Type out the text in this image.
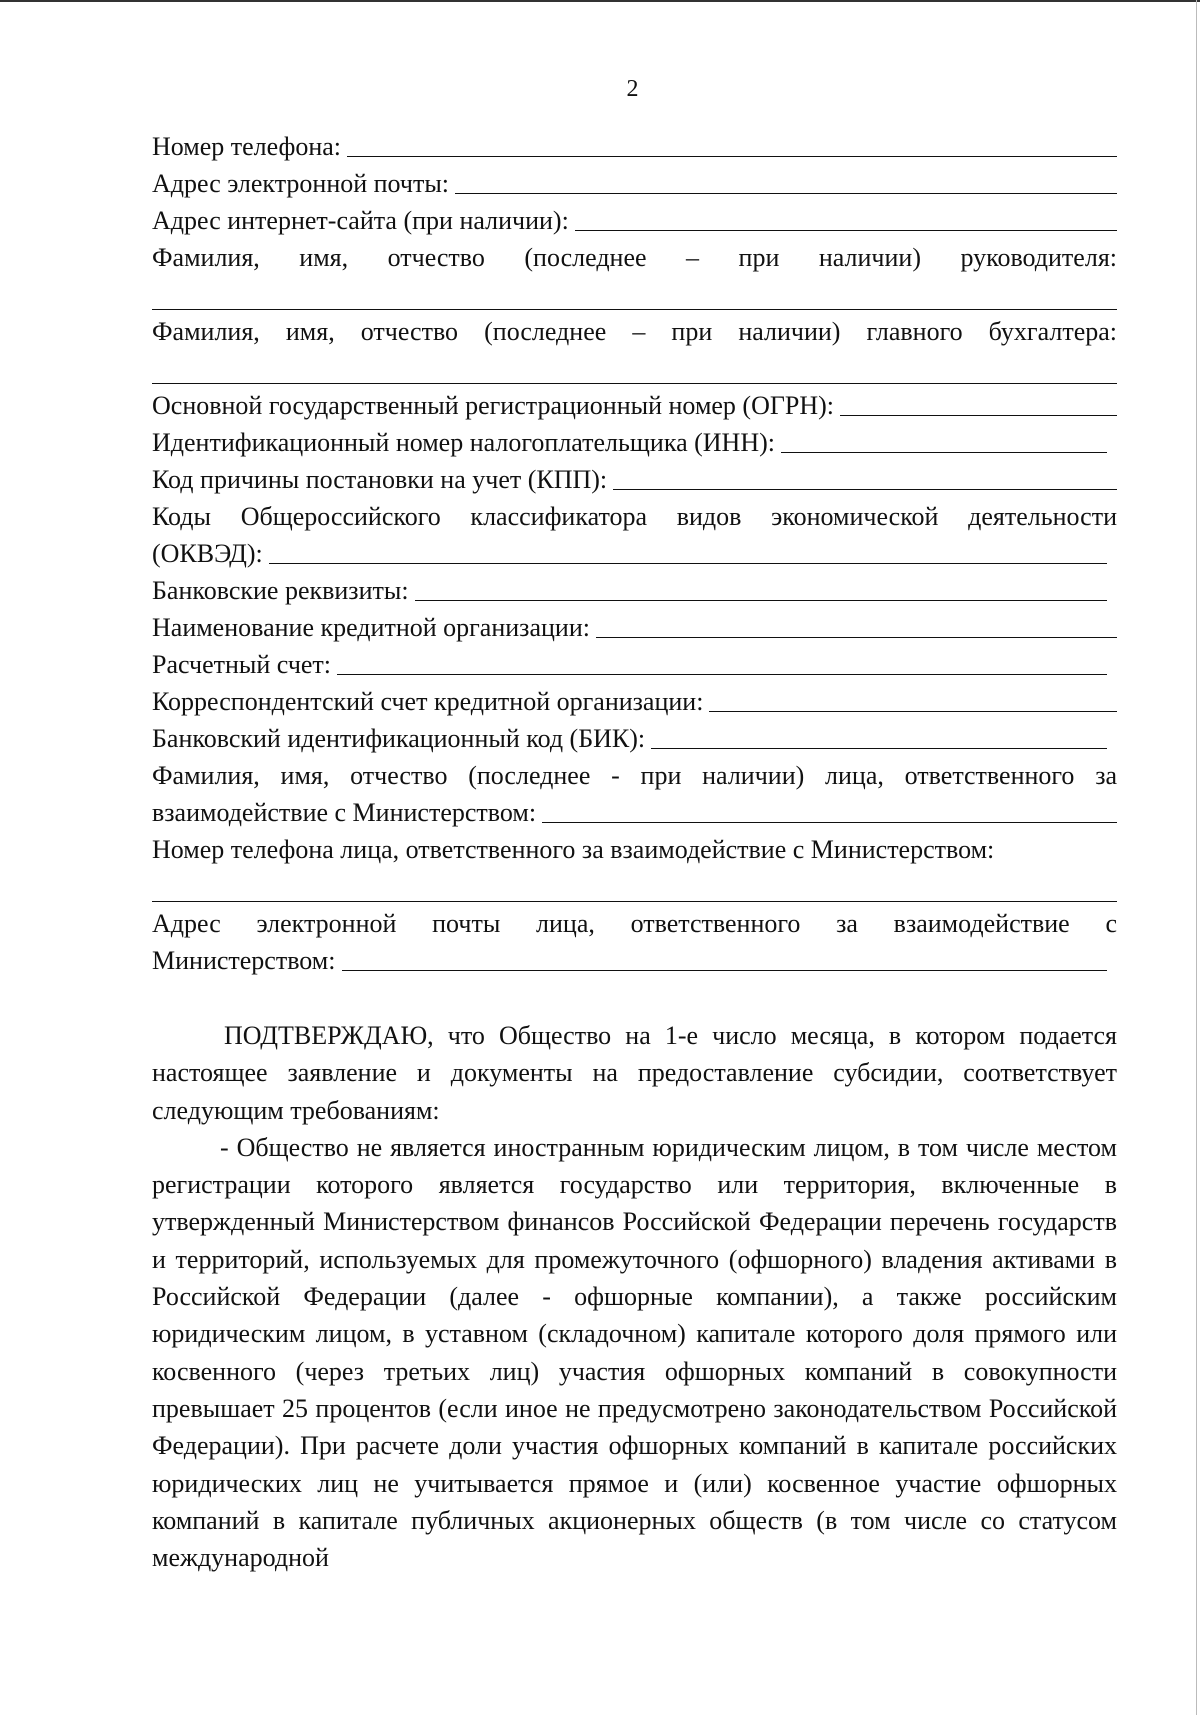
2
Номер телефона:
Адрес электронной почты:
Адрес интернет-сайта (при наличии):
Фамилия, имя, отчество (последнее – при наличии) руководителя:
Фамилия, имя, отчество (последнее – при наличии) главного бухгалтера:
Основной государственный регистрационный номер (ОГРН):
Идентификационный номер налогоплательщика (ИНН):
Код причины постановки на учет (КПП):
Коды Общероссийского классификатора видов экономической деятельности
(ОКВЭД):
Банковские реквизиты:
Наименование кредитной организации:
Расчетный счет:
Корреспондентский счет кредитной организации:
Банковский идентификационный код (БИК):
Фамилия, имя, отчество (последнее - при наличии) лица, ответственного за
взаимодействие с Министерством:
Номер телефона лица, ответственного за взаимодействие с Министерством:
Адрес электронной почты лица, ответственного за взаимодействие с
Министерством:
ПОДТВЕРЖДАЮ, что Общество на 1-е число месяца, в котором подается настоящее заявление и документы на предоставление субсидии, соответствует следующим требованиям:
- Общество не является иностранным юридическим лицом, в том числе местом регистрации которого является государство или территория, включенные в утвержденный Министерством финансов Российской Федерации перечень государств и территорий, используемых для промежуточного (офшорного) владения активами в Российской Федерации (далее - офшорные компании), а также российским юридическим лицом, в уставном (складочном) капитале которого доля прямого или косвенного (через третьих лиц) участия офшорных компаний в совокупности превышает 25 процентов (если иное не предусмотрено законодательством Российской Федерации). При расчете доли участия офшорных компаний в капитале российских юридических лиц не учитывается прямое и (или) косвенное участие офшорных компаний в капитале публичных акционерных обществ (в том числе со статусом международной
